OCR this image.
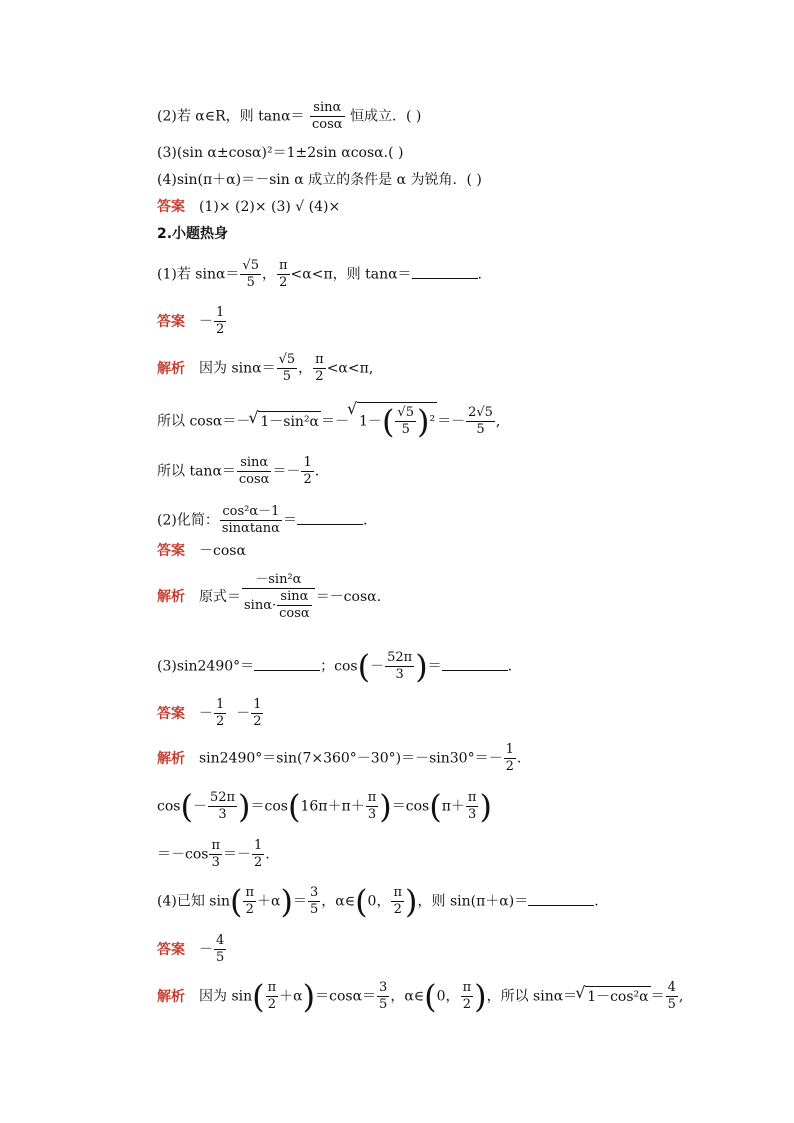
(2)若 α∈R，则 $\tan\alpha= \frac{\sin\alpha}{\cos\alpha}$ 恒成立．( )
(3)(sin α±cosα)²＝1±2sin αcosα.( )
(4)sin(π＋α)＝－sin α 成立的条件是 α 为锐角．( )
答案 (1)× (2)× (3) √ (4)×
2.小题热身
(1)若 $\sin\alpha= \frac{√5}{5}$ ， $\frac{\pi}{2} <\alpha<\pi$，则 tanα＝	.
答案 － $\frac{1}{2}$
解析 因为 $\sin\alpha= \frac{√5}{5}$ ， $\frac{\pi}{2} <\alpha<\pi$,
所以 cosα＝－ √ 1－sin²α ＝－ √ $1-( \frac{√5}{5} )^2 =- \frac{2√5}{5}$ ,
所以 $\tan\alpha= \frac{\sin\alpha}{\cos\alpha} =- \frac{1}{2}$ .
(2)化简： $\frac{\text{cos²α－1}}{\sin\alpha\tan\alpha}$ ＝	.
答案 －cosα
解析 原式＝ $\frac{\text{－sin²α}}{\sin\alpha\cdot \frac{\sin\alpha}{\cos\alpha}} =-\cos\alpha$.
(3)sin2490°＝	；$\cos(- \frac{52\pi}{3}$ )＝	.
答案 － $\frac{1}{2} - \frac{1}{2}$
解析 $\sin 2490^\circ=\sin(7\times 360^\circ-30^\circ)=-\sin 30^\circ=- \frac{1}{2}$ .
$\cos(- \frac{52\pi}{3} )=\cos(16\pi+\pi+ \frac{\pi}{3} )=\cos(\pi+ \frac{\pi}{3}$ )
$=-\cos \frac{\pi}{3} =- \frac{1}{2}$ .
(4)已知 $\sin( \frac{\pi}{2} +\alpha)= \frac{3}{5}$ ，α∈(0， $\frac{\pi}{2}$ )，则 sin(π＋α)＝	.
答案 － $\frac{4}{5}$
解析 因为 $\sin( \frac{\pi}{2} +\alpha)=\cos\alpha= \frac{3}{5}$ ，α∈(0， $\frac{\pi}{2}$ )，所以 sinα＝ √ $1-\cos^2\alpha = \frac{4}{5}$ ,
